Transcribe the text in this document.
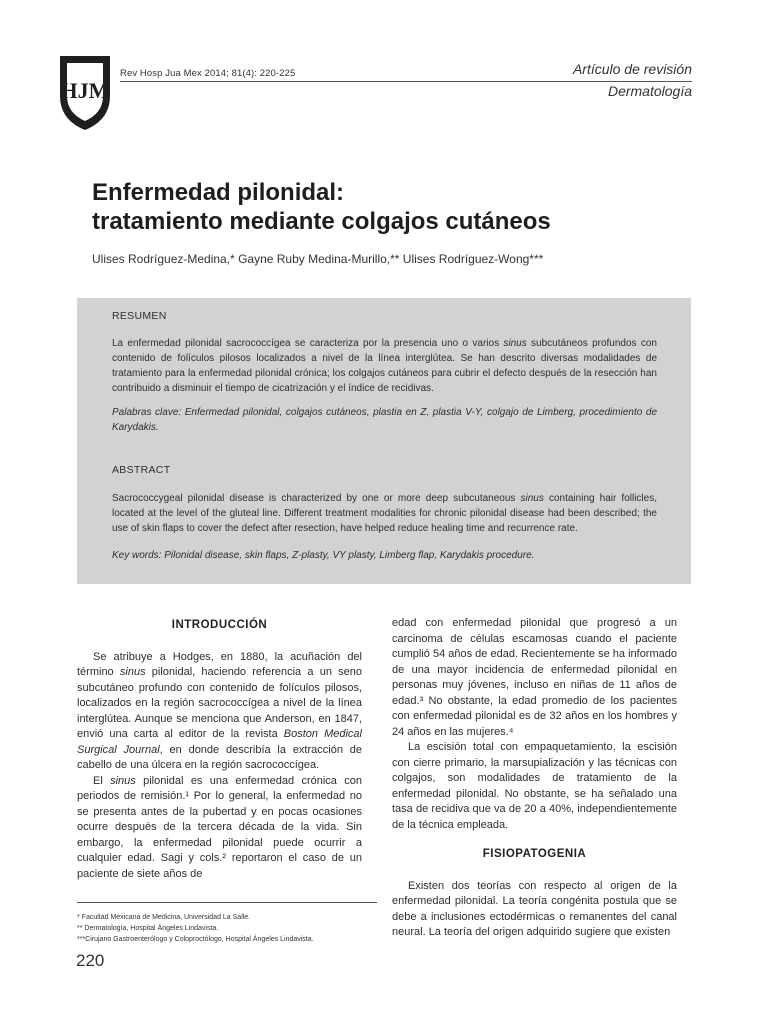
HJM
Rev Hosp Jua Mex 2014; 81(4): 220-225	Artículo de revisión
Dermatología
Enfermedad pilonidal:
tratamiento mediante colgajos cutáneos
Ulises Rodríguez-Medina,* Gayne Ruby Medina-Murillo,** Ulises Rodríguez-Wong***
RESUMEN
La enfermedad pilonidal sacrococcígea se caracteriza por la presencia uno o varios sinus subcutáneos profundos con contenido de folículos pilosos localizados a nivel de la línea interglútea. Se han descrito diversas modalidades de tratamiento para la enfermedad pilonidal crónica; los colgajos cutáneos para cubrir el defecto después de la resección han contribuido a disminuir el tiempo de cicatrización y el índice de recidivas.
Palabras clave: Enfermedad pilonidal, colgajos cutáneos, plastia en Z, plastia V-Y, colgajo de Limberg, procedimiento de Karydakis.
ABSTRACT
Sacrococcygeal pilonidal disease is characterized by one or more deep subcutaneous sinus containing hair follicles, located at the level of the gluteal line. Different treatment modalities for chronic pilonidal disease had been described; the use of skin flaps to cover the defect after resection, have helped reduce healing time and recurrence rate.
Key words: Pilonidal disease, skin flaps, Z-plasty, VY plasty, Limberg flap, Karydakis procedure.
INTRODUCCIÓN

Se atribuye a Hodges, en 1880, la acuñación del término sinus pilonidal, haciendo referencia a un seno subcutáneo profundo con contenido de folículos pilosos, localizados en la región sacrococcígea a nivel de la línea interglútea. Aunque se menciona que Anderson, en 1847, envió una carta al editor de la revista Boston Medical Surgical Journal, en donde describía la extracción de cabello de una úlcera en la región sacrococcígea.

El sinus pilonidal es una enfermedad crónica con periodos de remisión.¹ Por lo general, la enfermedad no se presenta antes de la pubertad y en pocas ocasiones ocurre después de la tercera década de la vida. Sin embargo, la enfermedad pilonidal puede ocurrir a cualquier edad. Sagi y cols.² reportaron el caso de un paciente de siete años de

edad con enfermedad pilonidal que progresó a un carcinoma de células escamosas cuando el paciente cumplió 54 años de edad. Recientemente se ha informado de una mayor incidencia de enfermedad pilonidal en personas muy jóvenes, incluso en niñas de 11 años de edad.³ No obstante, la edad promedio de los pacientes con enfermedad pilonidal es de 32 años en los hombres y 24 años en las mujeres.⁴

La escisión total con empaquetamiento, la escisión con cierre primario, la marsupialización y las técnicas con colgajos, son modalidades de tratamiento de la enfermedad pilonidal. No obstante, se ha señalado una tasa de recidiva que va de 20 a 40%, independientemente de la técnica empleada.

FISIOPATOGENIA

Existen dos teorías con respecto al origen de la enfermedad pilonidal. La teoría congénita postula que se debe a inclusiones ectodérmicas o remanentes del canal neural. La teoría del origen adquirido sugiere que existen

* Facultad Mexicana de Medicina, Universidad La Salle.
** Dermatología, Hospital Ángeles Lindavista.
***Cirujano Gastroenterólogo y Coloproctólogo, Hospital Ángeles Lindavista.
220
